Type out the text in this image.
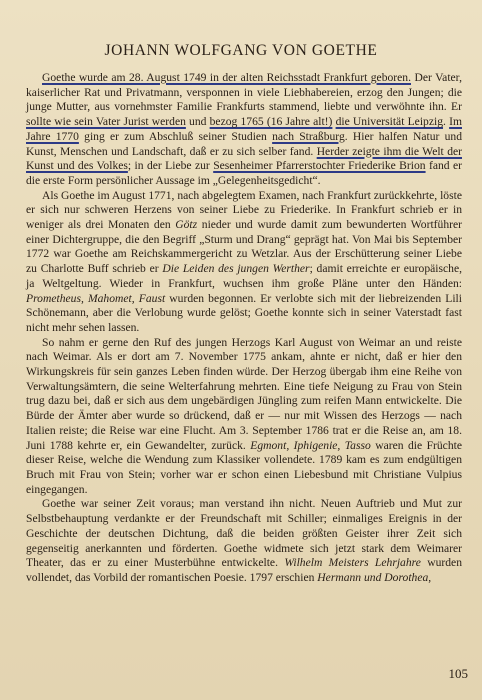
JOHANN WOLFGANG VON GOETHE

Goethe wurde am 28. August 1749 in der alten Reichsstadt Frankfurt geboren. Der Vater, kaiserlicher Rat und Privatmann, versponnen in viele Liebhabereien, erzog den Jungen; die junge Mutter, aus vornehmster Familie Frankfurts stammend, liebte und verwöhnte ihn. Er sollte wie sein Vater Jurist werden und bezog 1765 (16 Jahre alt!) die Universität Leipzig. Im Jahre 1770 ging er zum Abschluß seiner Studien nach Straßburg. Hier halfen Natur und Kunst, Menschen und Landschaft, daß er zu sich selber fand. Herder zeigte ihm die Welt der Kunst und des Volkes; in der Liebe zur Sesenheimer Pfarrerstochter Friederike Brion fand er die erste Form persönlicher Aussage im „Gelegenheitsgedicht“.

Als Goethe im August 1771, nach abgelegtem Examen, nach Frankfurt zurückkehrte, löste er sich nur schweren Herzens von seiner Liebe zu Friederike. In Frankfurt schrieb er in weniger als drei Monaten den Götz nieder und wurde damit zum bewunderten Wortführer einer Dichtergruppe, die den Begriff „Sturm und Drang“ geprägt hat. Von Mai bis September 1772 war Goethe am Reichskammergericht zu Wetzlar. Aus der Erschütterung seiner Liebe zu Charlotte Buff schrieb er Die Leiden des jungen Werther; damit erreichte er europäische, ja Weltgeltung. Wieder in Frankfurt, wuchsen ihm große Pläne unter den Händen: Prometheus, Mahomet, Faust wurden begonnen. Er verlobte sich mit der liebreizenden Lili Schönemann, aber die Verlobung wurde gelöst; Goethe konnte sich in seiner Vaterstadt fast nicht mehr sehen lassen.

So nahm er gerne den Ruf des jungen Herzogs Karl August von Weimar an und reiste nach Weimar. Als er dort am 7. November 1775 ankam, ahnte er nicht, daß er hier den Wirkungskreis für sein ganzes Leben finden würde. Der Herzog übergab ihm eine Reihe von Verwaltungsämtern, die seine Welterfahrung mehrten. Eine tiefe Neigung zu Frau von Stein trug dazu bei, daß er sich aus dem ungebärdigen Jüngling zum reifen Mann entwickelte. Die Bürde der Ämter aber wurde so drückend, daß er — nur mit Wissen des Herzogs — nach Italien reiste; die Reise war eine Flucht. Am 3. September 1786 trat er die Reise an, am 18. Juni 1788 kehrte er, ein Gewandelter, zurück. Egmont, Iphigenie, Tasso waren die Früchte dieser Reise, welche die Wendung zum Klassiker vollendete. 1789 kam es zum endgültigen Bruch mit Frau von Stein; vorher war er schon einen Liebesbund mit Christiane Vulpius eingegangen.

Goethe war seiner Zeit voraus; man verstand ihn nicht. Neuen Auftrieb und Mut zur Selbstbehauptung verdankte er der Freundschaft mit Schiller; einmaliges Ereignis in der Geschichte der deutschen Dichtung, daß die beiden größten Geister ihrer Zeit sich gegenseitig anerkannten und förderten. Goethe widmete sich jetzt stark dem Weimarer Theater, das er zu einer Musterbühne entwickelte. Wilhelm Meisters Lehrjahre wurden vollendet, das Vorbild der romantischen Poesie. 1797 erschien Hermann und Dorothea,

105
